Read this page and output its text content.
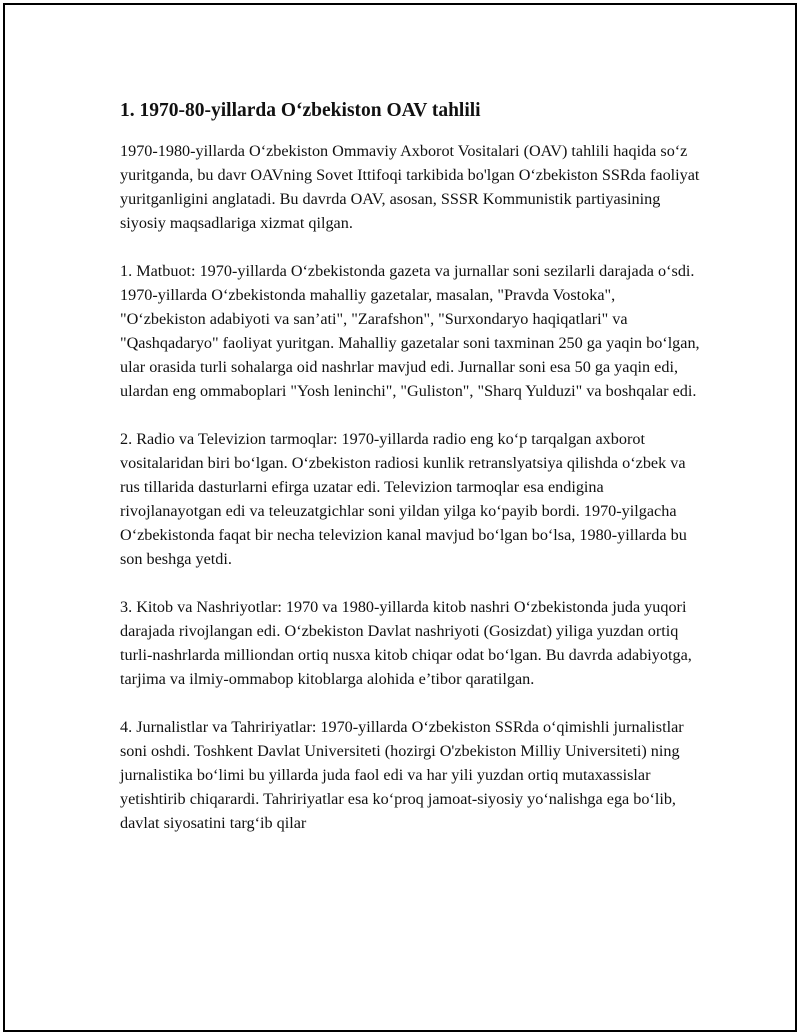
1. 1970-80-yillarda O‘zbekiston OAV tahlili

1970-1980-yillarda O‘zbekiston Ommaviy Axborot Vositalari (OAV) tahlili haqida so‘z yuritganda, bu davr OAVning Sovet Ittifoqi tarkibida bo'lgan O‘zbekiston SSRda faoliyat yuritganligini anglatadi. Bu davrda OAV, asosan, SSSR Kommunistik partiyasining siyosiy maqsadlariga xizmat qilgan.

1. Matbuot: 1970-yillarda O‘zbekistonda gazeta va jurnallar soni sezilarli darajada o‘sdi. 1970-yillarda O‘zbekistonda mahalliy gazetalar, masalan, "Pravda Vostoka", "O‘zbekiston adabiyoti va san’ati", "Zarafshon", "Surxondaryo haqiqatlari" va "Qashqadaryo" faoliyat yuritgan. Mahalliy gazetalar soni taxminan 250 ga yaqin bo‘lgan, ular orasida turli sohalarga oid nashrlar mavjud edi. Jurnallar soni esa 50 ga yaqin edi, ulardan eng ommaboplari "Yosh leninchi", "Guliston", "Sharq Yulduzi" va boshqalar edi.

2. Radio va Televizion tarmoqlar: 1970-yillarda radio eng ko‘p tarqalgan axborot vositalaridan biri bo‘lgan. O‘zbekiston radiosi kunlik retranslyatsiya qilishda o‘zbek va rus tillarida dasturlarni efirga uzatar edi. Televizion tarmoqlar esa endigina rivojlanayotgan edi va teleuzatgichlar soni yildan yilga ko‘payib bordi. 1970-yilgacha O‘zbekistonda faqat bir necha televizion kanal mavjud bo‘lgan bo‘lsa, 1980-yillarda bu son beshga yetdi.

3. Kitob va Nashriyotlar: 1970 va 1980-yillarda kitob nashri O‘zbekistonda juda yuqori darajada rivojlangan edi. O‘zbekiston Davlat nashriyoti (Gosizdat) yiliga yuzdan ortiq turli-nashrlarda milliondan ortiq nusxa kitob chiqar odat bo‘lgan. Bu davrda adabiyotga, tarjima va ilmiy-ommabop kitoblarga alohida e’tibor qaratilgan.

4. Jurnalistlar va Tahririyatlar: 1970-yillarda O‘zbekiston SSRda o‘qimishli jurnalistlar soni oshdi. Toshkent Davlat Universiteti (hozirgi O'zbekiston Milliy Universiteti) ning jurnalistika bo‘limi bu yillarda juda faol edi va har yili yuzdan ortiq mutaxassislar yetishtirib chiqarardi. Tahririyatlar esa ko‘proq jamoat-siyosiy yo‘nalishga ega bo‘lib, davlat siyosatini targ‘ib qilar
